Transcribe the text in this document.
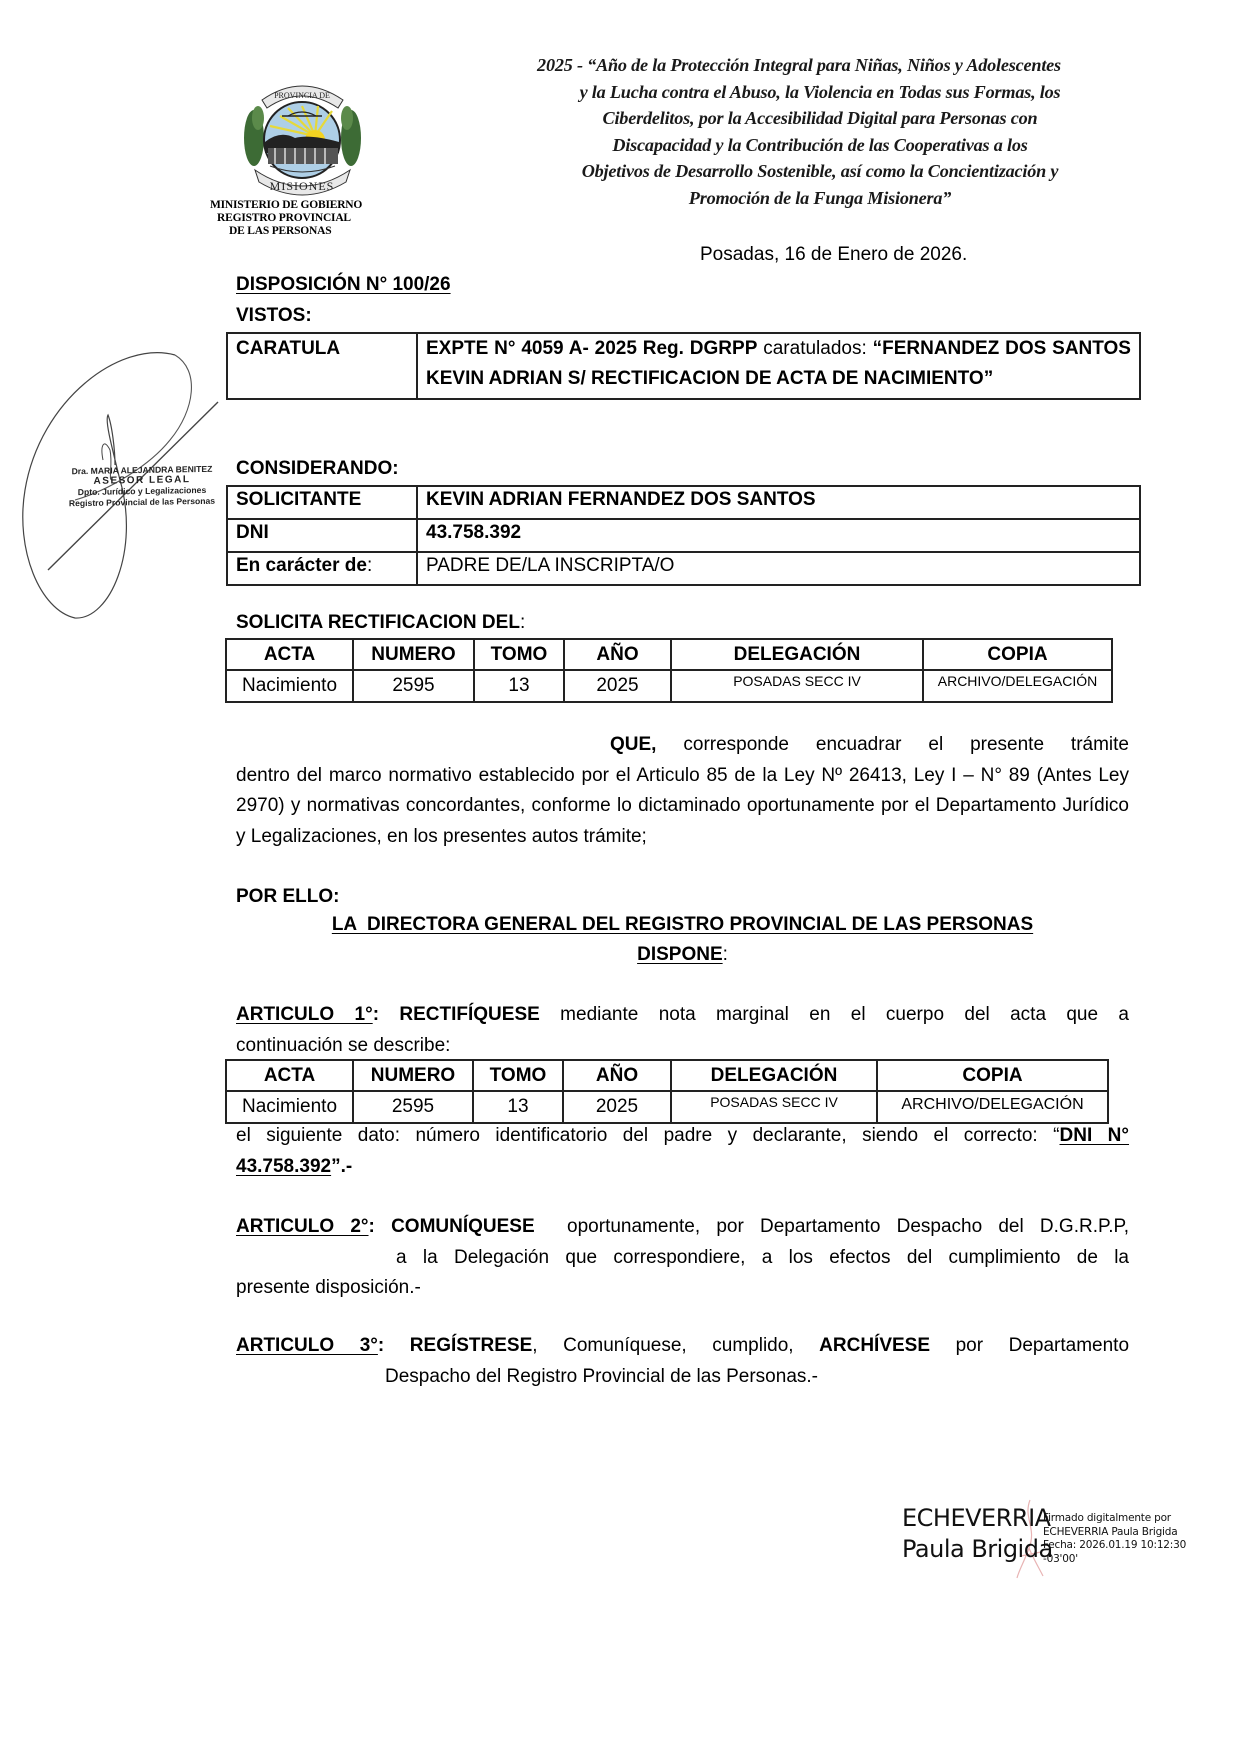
MISIONES
PROVINCIA DE
MINISTERIO DE GOBIERNO
REGISTRO PROVINCIAL
DE LAS PERSONAS
2025 - “Año de la Protección Integral para Niñas, Niños y Adolescentes
y la Lucha contra el Abuso, la Violencia en Todas sus Formas, los
Ciberdelitos, por la Accesibilidad Digital para Personas con
Discapacidad y la Contribución de las Cooperativas a los
Objetivos de Desarrollo Sostenible, así como la Concientización y
Promoción de la Funga Misionera”
Posadas, 16 de Enero de 2026.
DISPOSICIÓN N° 100/26
VISTOS:
CARATULA	EXPTE N° 4059 A- 2025 Reg. DGRPP caratulados: “FERNANDEZ DOS SANTOS KEVIN ADRIAN S/ RECTIFICACION DE ACTA DE NACIMIENTO”
CONSIDERANDO:
SOLICITANTE	KEVIN ADRIAN FERNANDEZ DOS SANTOS
DNI	43.758.392
En carácter de:	PADRE DE/LA INSCRIPTA/O
SOLICITA RECTIFICACION DEL:
ACTA	NUMERO	TOMO	AÑO	DELEGACIÓN	COPIA
Nacimiento	2595	13	2025	POSADAS SECC IV	ARCHIVO/DELEGACIÓN
QUE, corresponde encuadrar el presente trámite
dentro del marco normativo establecido por el Articulo 85 de la Ley Nº 26413, Ley I – N° 89 (Antes Ley 2970) y normativas concordantes, conforme lo dictaminado oportunamente por el Departamento Jurídico y Legalizaciones, en los presentes autos trámite;
POR ELLO:
LA  DIRECTORA GENERAL DEL REGISTRO PROVINCIAL DE LAS PERSONAS
DISPONE:
ARTICULO 1°: RECTIFÍQUESE mediante nota marginal en el cuerpo del acta que a
continuación se describe:
ACTA	NUMERO	TOMO	AÑO	DELEGACIÓN	COPIA
Nacimiento	2595	13	2025	POSADAS SECC IV	ARCHIVO/DELEGACIÓN
el siguiente dato: número identificatorio del padre y declarante, siendo el correcto: “DNI N°
43.758.392”.-
ARTICULO 2°: COMUNÍQUESE oportunamente, por Departamento Despacho del D.G.R.P.P,
a la Delegación que correspondiere, a los efectos del cumplimiento de la
presente disposición.-
ARTICULO 3°: REGÍSTRESE, Comuníquese, cumplido, ARCHÍVESE por Departamento
Despacho del Registro Provincial de las Personas.-
Dra. MARIA ALEJANDRA BENITEZ
ASESOR LEGAL
Dpto. Jurídico y Legalizaciones
Registro Provincial de las Personas
ECHEVERRIA
Paula Brigida
Firmado digitalmente por
ECHEVERRIA Paula Brigida
Fecha: 2026.01.19 10:12:30
-03'00'
